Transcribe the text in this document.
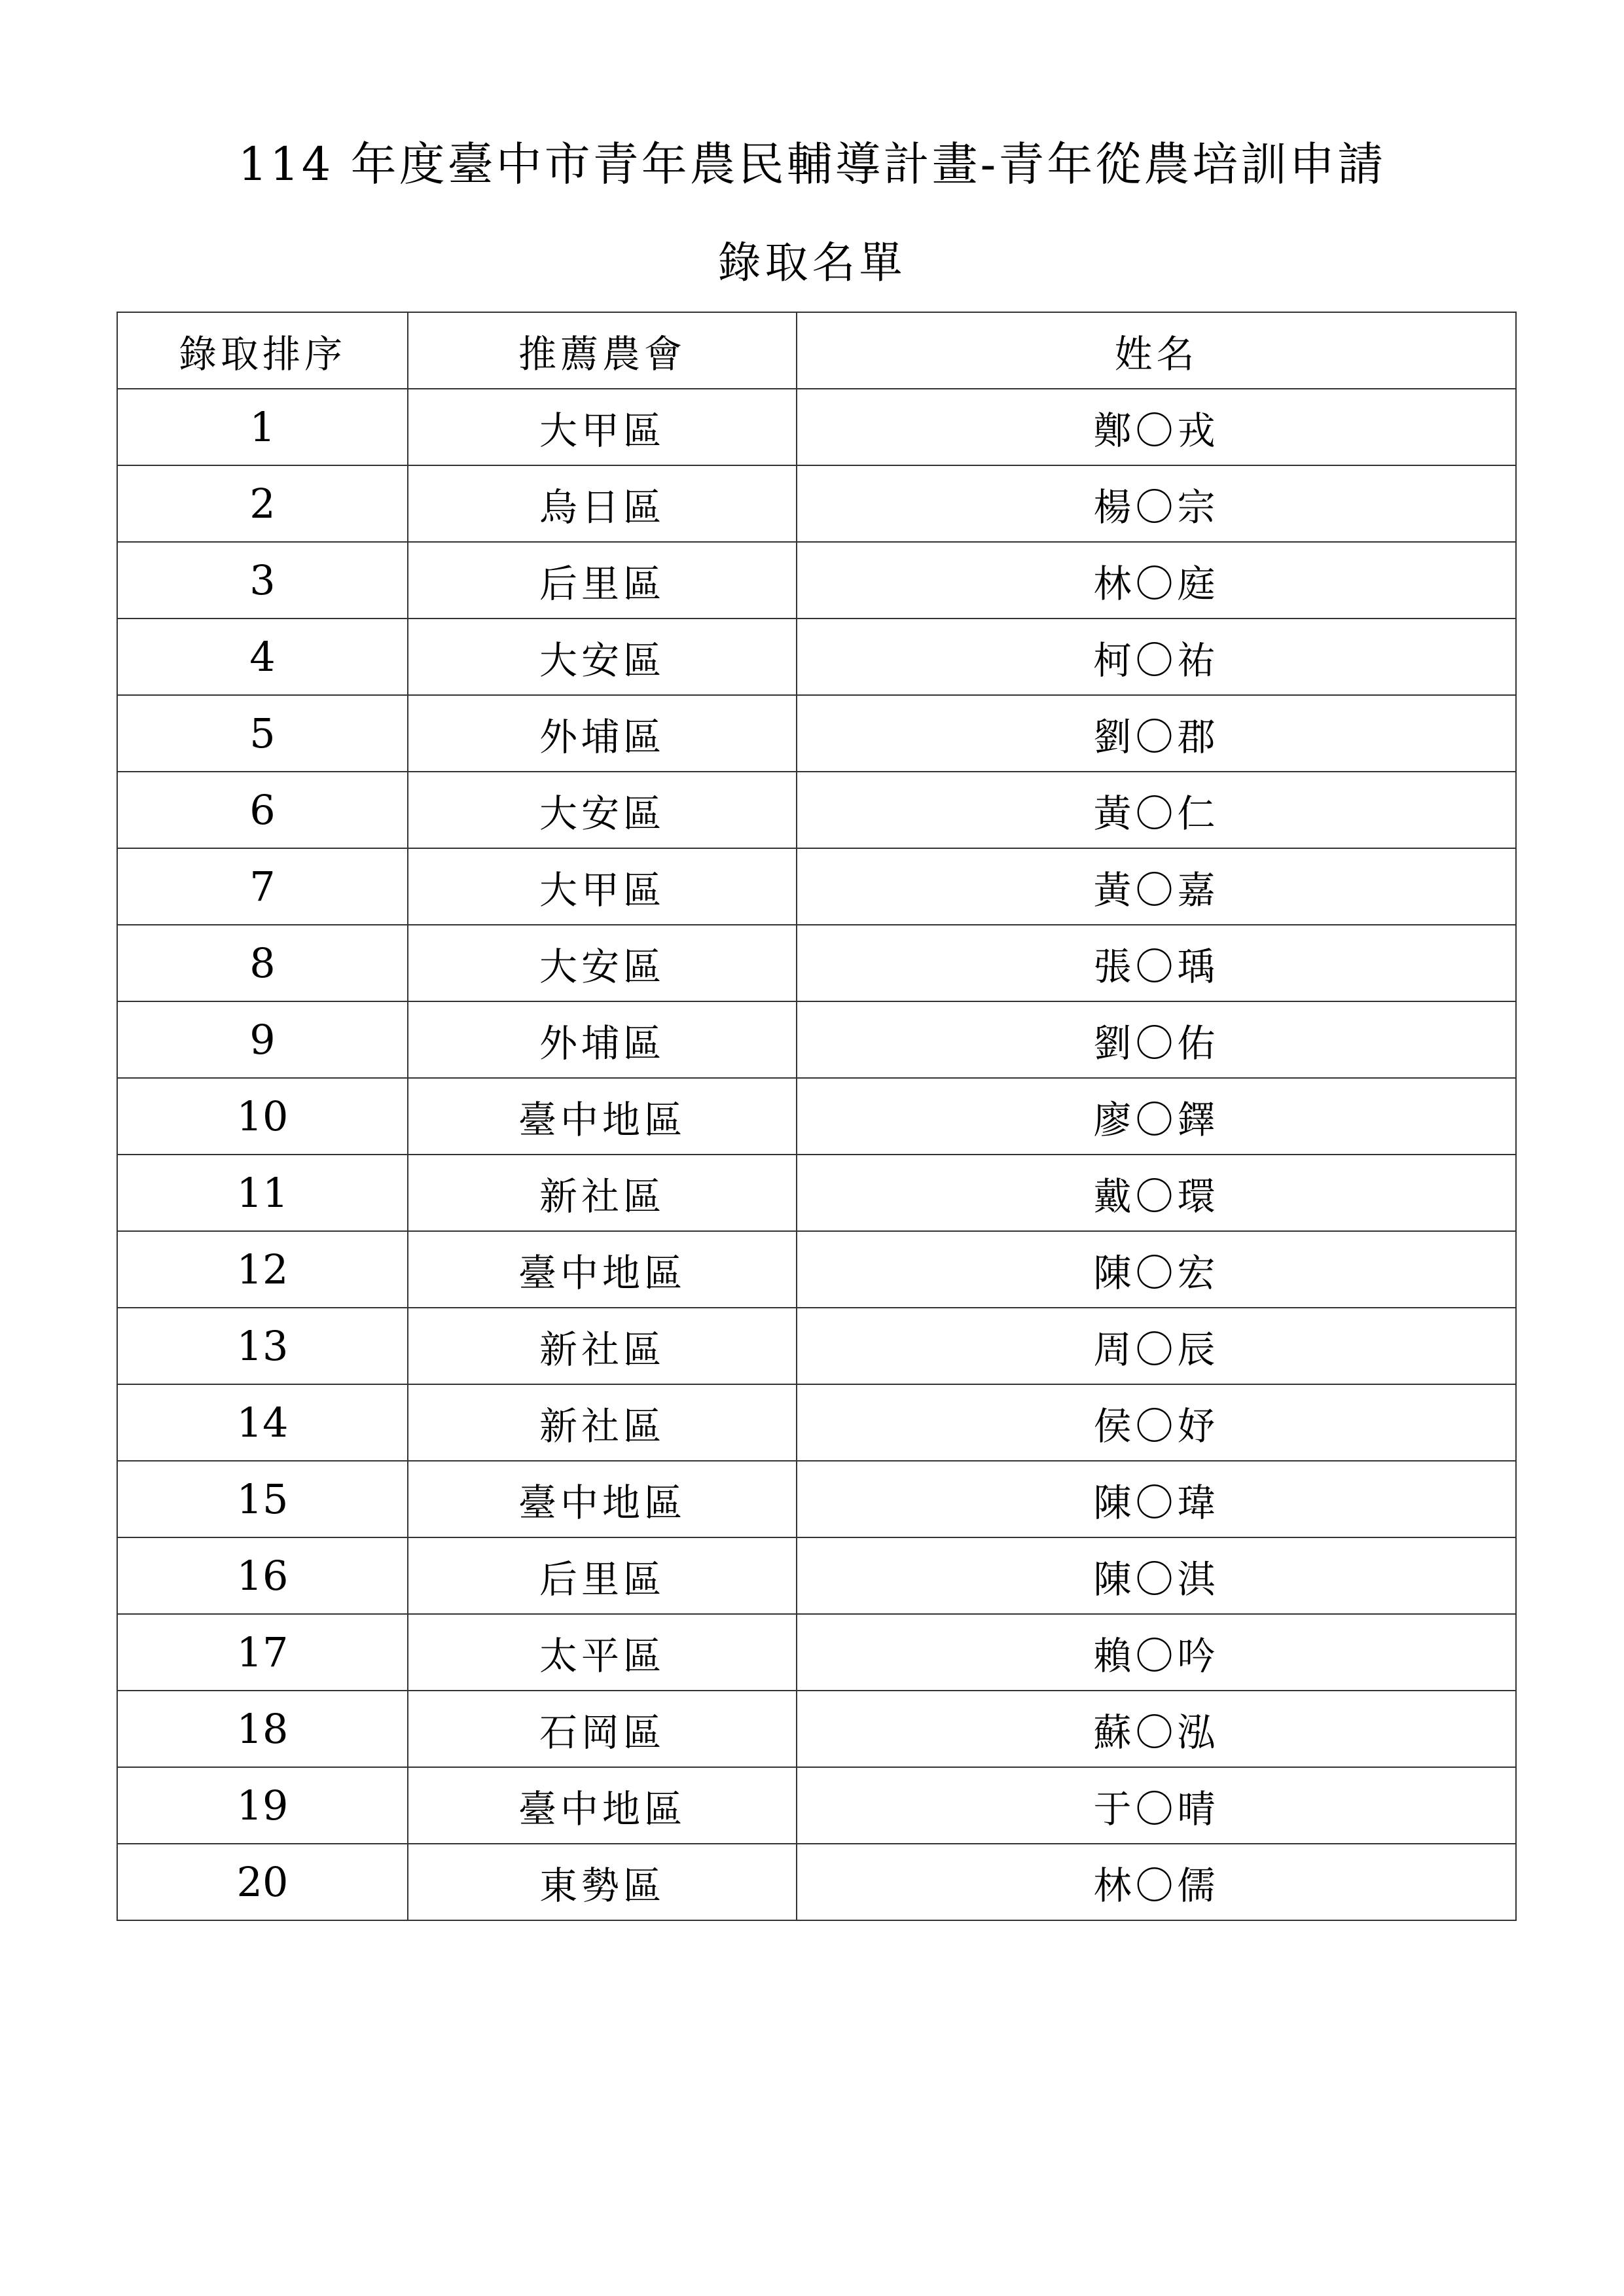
114 年度臺中市青年農民輔導計畫-青年從農培訓申請
錄取名單
錄取排序	推薦農會	姓名
1	大甲區	鄭〇戎
2	烏日區	楊〇宗
3	后里區	林〇庭
4	大安區	柯〇祐
5	外埔區	劉〇郡
6	大安區	黃〇仁
7	大甲區	黃〇嘉
8	大安區	張〇瑀
9	外埔區	劉〇佑
10	臺中地區	廖〇鐸
11	新社區	戴〇環
12	臺中地區	陳〇宏
13	新社區	周〇辰
14	新社區	侯〇妤
15	臺中地區	陳〇瑋
16	后里區	陳〇淇
17	太平區	賴〇吟
18	石岡區	蘇〇泓
19	臺中地區	于〇晴
20	東勢區	林〇儒
